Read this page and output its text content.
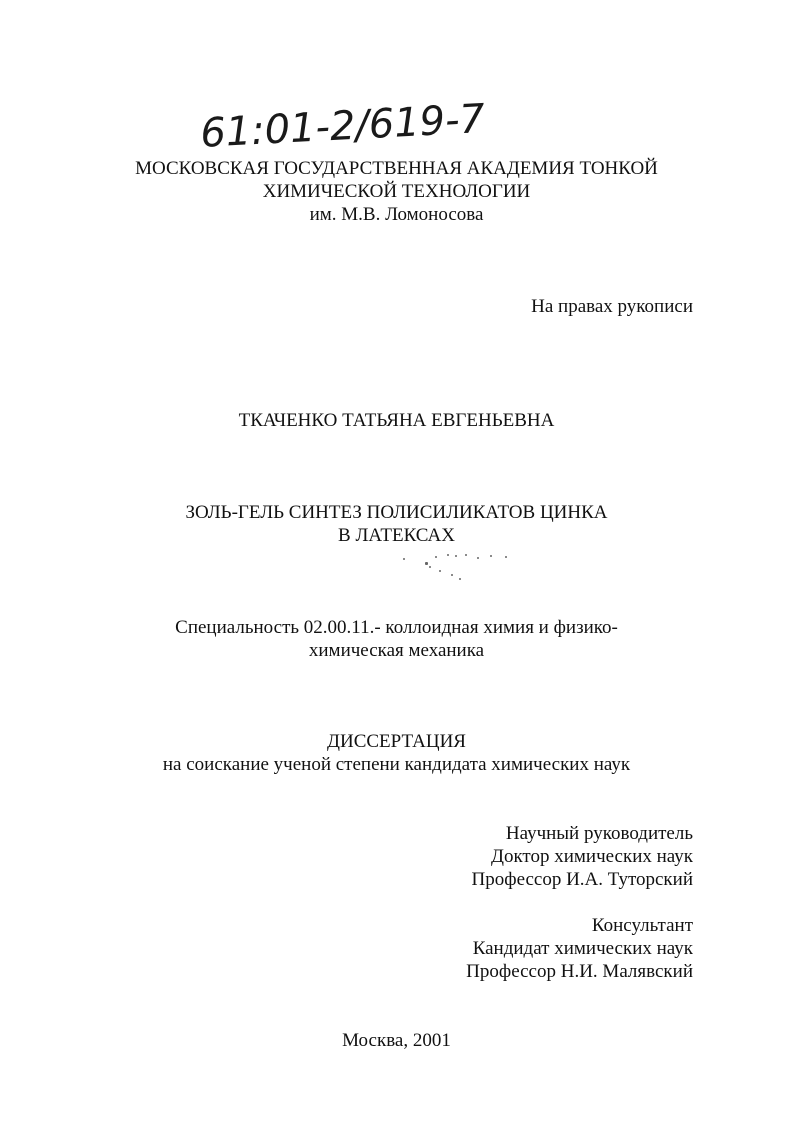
61:01-2/619-7
МОСКОВСКАЯ ГОСУДАРСТВЕННАЯ АКАДЕМИЯ ТОНКОЙ
ХИМИЧЕСКОЙ ТЕХНОЛОГИИ
им. М.В. Ломоносова
На правах рукописи
ТКАЧЕНКО ТАТЬЯНА ЕВГЕНЬЕВНА
ЗОЛЬ-ГЕЛЬ СИНТЕЗ ПОЛИСИЛИКАТОВ ЦИНКА
В ЛАТЕКСАХ
Специальность 02.00.11.- коллоидная химия и физико-
химическая механика
ДИССЕРТАЦИЯ
на соискание ученой степени кандидата химических наук
Научный руководитель
Доктор химических наук
Профессор И.А. Туторский
Консультант
Кандидат химических наук
Профессор Н.И. Малявский
Москва, 2001
